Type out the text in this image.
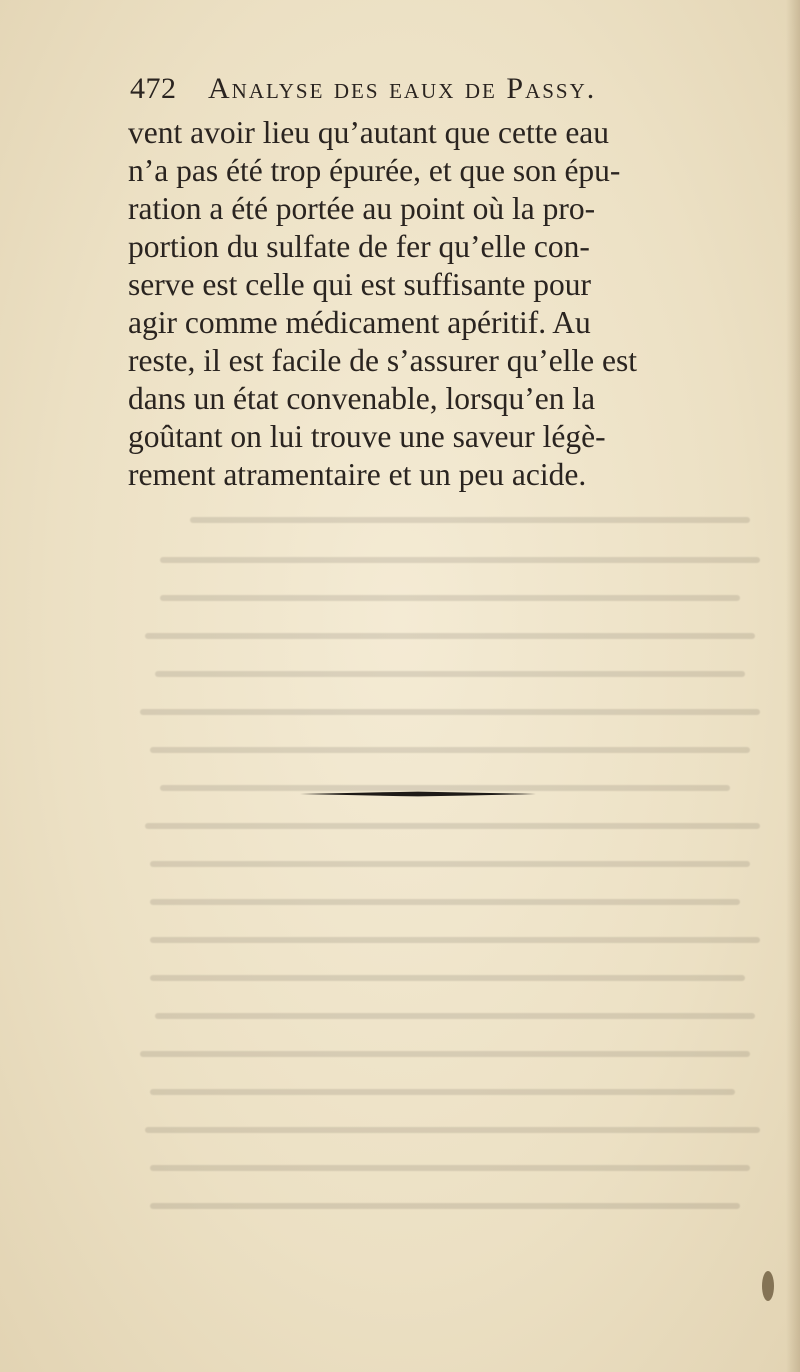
472 Analyse des eaux de Passy.
vent avoir lieu qu’autant que cette eau
n’a pas été trop épurée, et que son épu-
ration a été portée au point où la pro-
portion du sulfate de fer qu’elle con-
serve est celle qui est suffisante pour
agir comme médicament apéritif. Au
reste, il est facile de s’assurer qu’elle est
dans un état convenable, lorsqu’en la
goûtant on lui trouve une saveur légè-
rement atramentaire et un peu acide.
